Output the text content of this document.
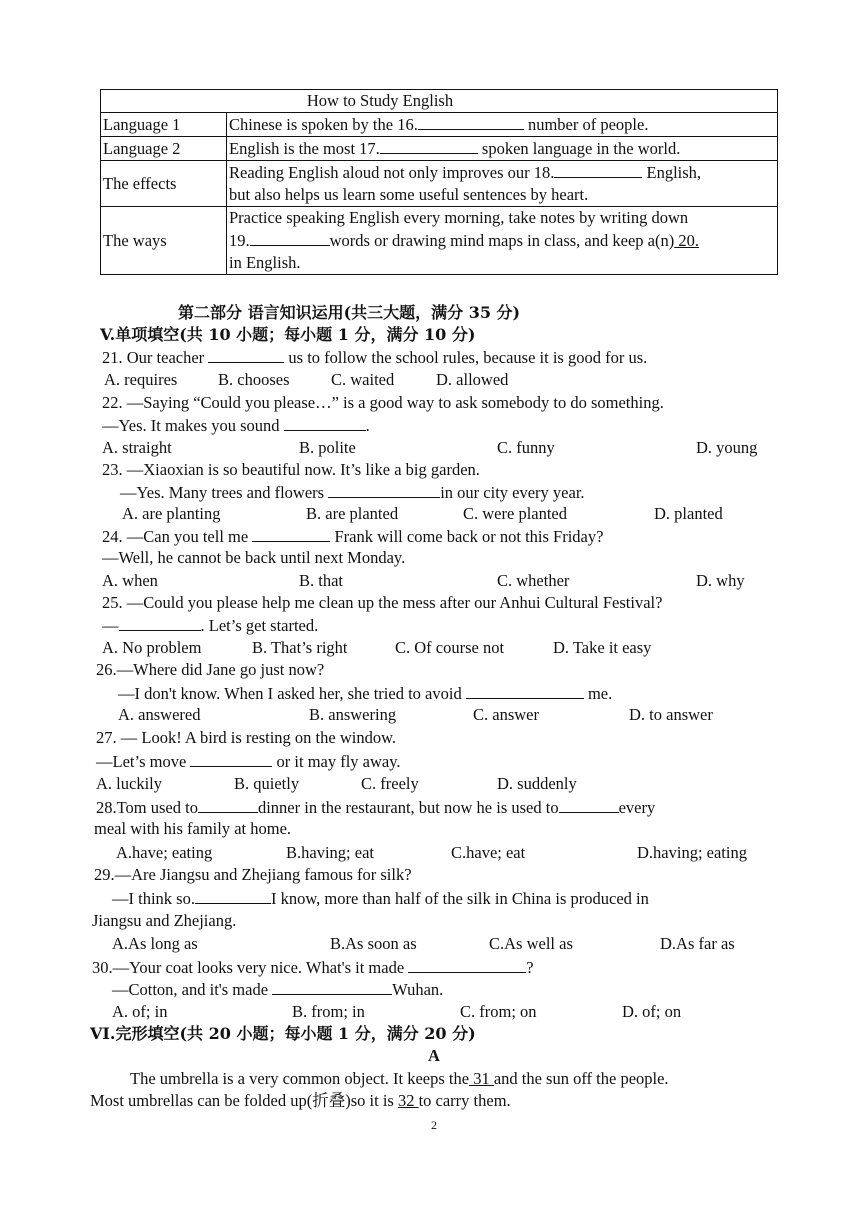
How to Study English	
Language 1	Chinese is spoken by the 16. number of people.
Language 2	English is the most 17. spoken language in the world.
The effects	Reading English aloud not only improves our 18. English,
but also helps us learn some useful sentences by heart.

The ways	Practice speaking English every morning, take notes by writing down
19. words or drawing mind maps in class, and keep a(n) 20.
in English.
第二部分 语言知识运用(共三大题，满分 35 分)
V.单项填空(共 10 小题；每小题 1 分，满分 10 分)
21. Our teacher	us to follow the school rules, because it is good for us.
A. requires B. chooses	C. waited	D. allowed
22. —Saying “Could you please…” is a good way to ask somebody to do something.
—Yes. It makes you sound	.
A. straight	B. polite	C. funny	D. young
23. —Xiaoxian is so beautiful now. It’s like a big garden.
—Yes. Many trees and flowers	in our city every year.
A. are planting	B. are planted	C. were planted	D. planted
24. —Can you tell me	Frank will come back or not this Friday?
—Well, he cannot be back until next Monday.
A. when	B. that	C. whether	D. why
25. —Could you please help me clean up the mess after our Anhui Cultural Festival?
—	. Let’s get started.
A. No problem	B. That’s right	C. Of course not	D. Take it easy
26.—Where did Jane go just now?
—I don't know. When I asked her, she tried to avoid	me.
A. answered	B. answering	C. answer	D. to answer
27. — Look! A bird is resting on the window.
—Let’s move	or it may fly away.
A. luckily	B. quietly	C. freely	D. suddenly
28.Tom used to	dinner in the restaurant, but now he is used to	every
meal with his family at home.
A.have; eating	B.having; eat	C.have; eat	D.having; eating
29.—Are Jiangsu and Zhejiang famous for silk?
—I think so.	I know, more than half of the silk in China is produced in
Jiangsu and Zhejiang.
A.As long as	B.As soon as	C.As well as	D.As far as
30.—Your coat looks very nice. What's it made	?
—Cotton, and it's made	Wuhan.
A. of; in	B. from; in	C. from; on	D. of; on
VI.完形填空(共 20 小题；每小题 1 分，满分 20 分)
A
The umbrella is a very common object. It keeps the 31 and the sun off the people.
Most umbrellas can be folded up(折叠)so it is 32 to carry them.
2
